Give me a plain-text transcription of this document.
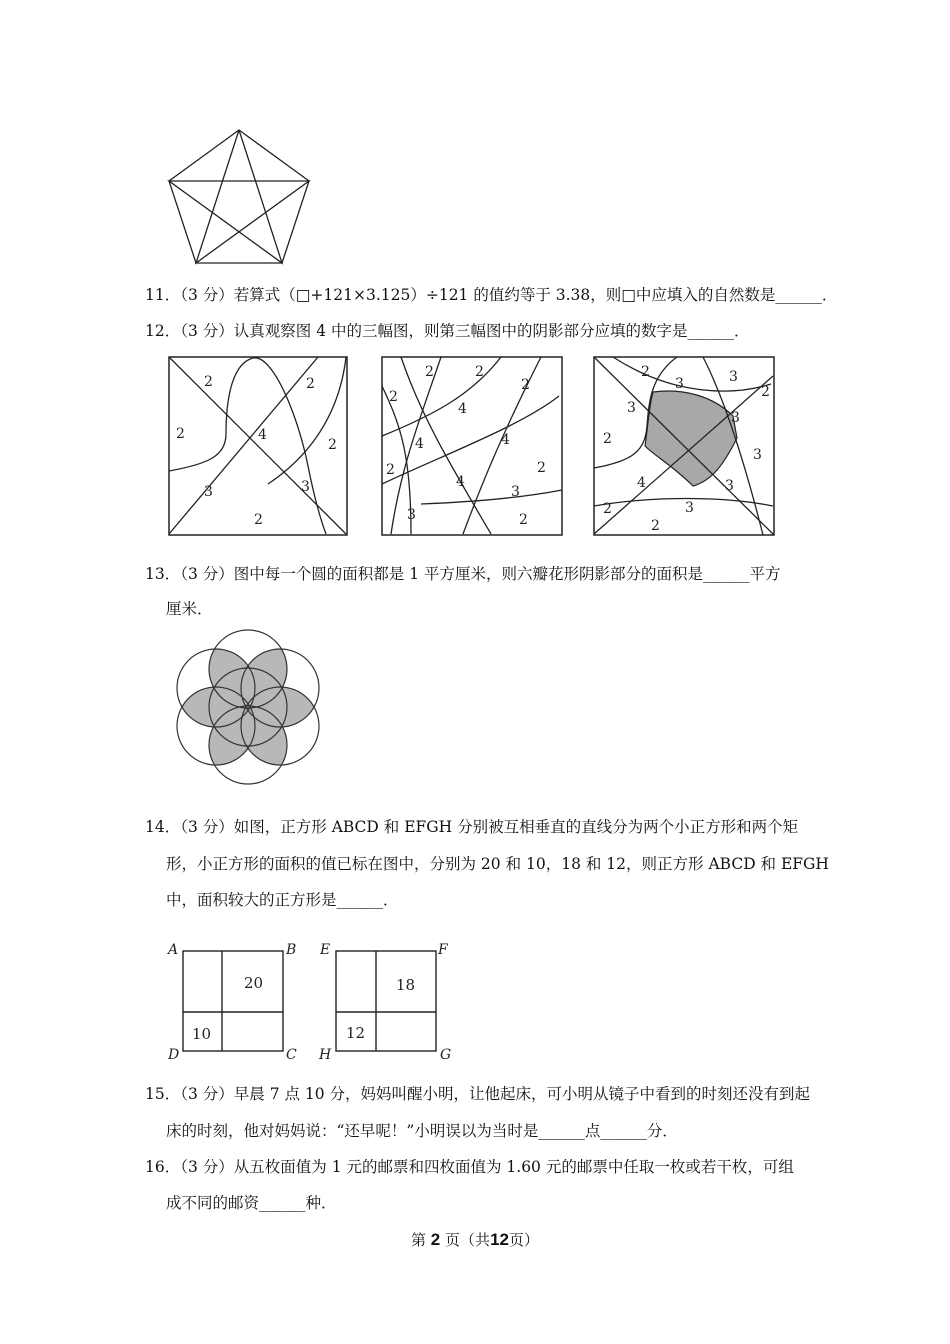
11．（3 分）若算式（□+121×3.125）÷121 的值约等于 3.38，则□中应填入的自然数是______．
12．（3 分）认真观察图 4 中的三幅图，则第三幅图中的阴影部分应填的数字是______．
2	2
2	4
2
3	3
2
2	2
2
2
4
4	4
2	2
4
3
3	2
2
3	3
3
3
2
2
3
4	3
2	3
2
13．（3 分）图中每一个圆的面积都是 1 平方厘米，则六瓣花形阴影部分的面积是______平方
厘米．
14．（3 分）如图，正方形 ABCD 和 EFGH 分别被互相垂直的直线分为两个小正方形和两个矩
形，小正方形的面积的值已标在图中，分别为 20 和 10，18 和 12，则正方形 ABCD 和 EFGH
中，面积较大的正方形是______．
A	B
C
D
20
10
E	F
G
H
18
12
15．（3 分）早晨 7 点 10 分，妈妈叫醒小明，让他起床，可小明从镜子中看到的时刻还没有到起
床的时刻，他对妈妈说：“还早呢！”小明误以为当时是______点______分．
16．（3 分）从五枚面值为 1 元的邮票和四枚面值为 1.60 元的邮票中任取一枚或若干枚，可组
成不同的邮资______种．
第 2 页（共12页）
